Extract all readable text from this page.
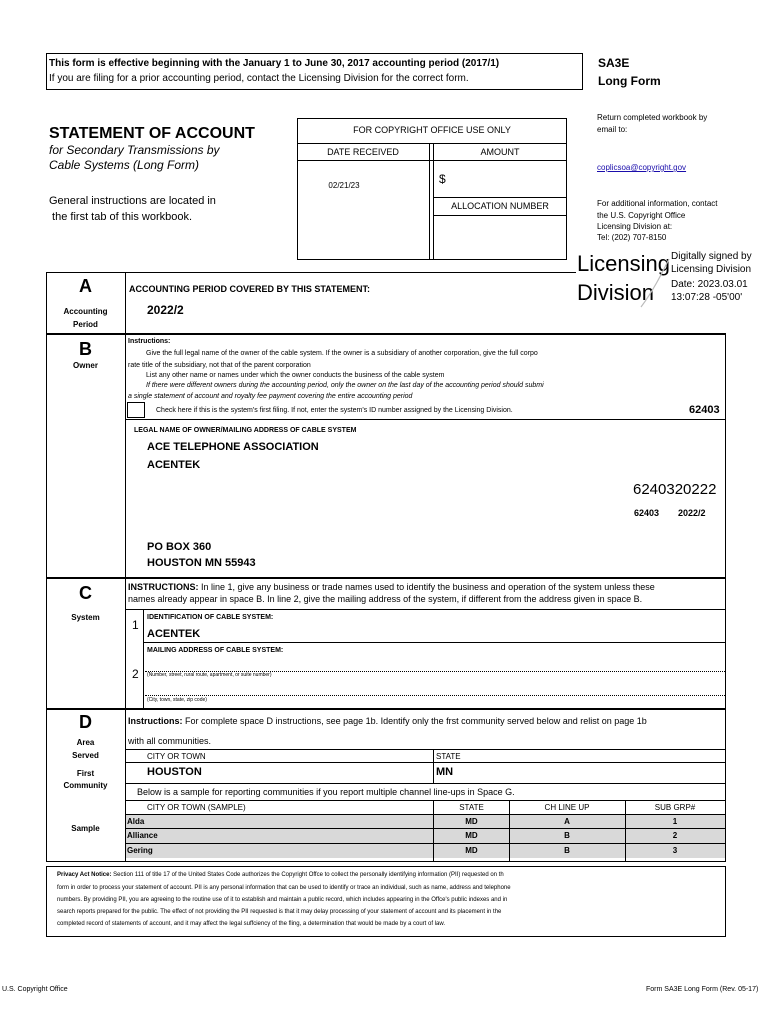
This form is effective beginning with the January 1 to June 30, 2017 accounting period (2017/1)
If you are filing for a prior accounting period, contact the Licensing Division for the correct form.
SA3E
Long Form
Return completed workbook by email to:
coplicsoa@copyright.gov
For additional information, contact the U.S. Copyright Office Licensing Division at:
Tel: (202) 707-8150
STATEMENT OF ACCOUNT
for Secondary Transmissions by
Cable Systems (Long Form)
General instructions are located in
the first tab of this workbook.
FOR COPYRIGHT OFFICE USE ONLY
DATE RECEIVED	AMOUNT
02/21/23	$
ALLOCATION NUMBER
Licensing
Division
Digitally signed by
Licensing Division
Date: 2023.03.01
13:07:28 -05'00'
A
Accounting
Period
ACCOUNTING PERIOD COVERED BY THIS STATEMENT:
2022/2
B
Owner
Instructions:
Give the full legal name of the owner of the cable system. If the owner is a subsidiary of another corporation, give the full corpo
rate title of the subsidiary, not that of the parent corporation
List any other name or names under which the owner conducts the business of the cable system
If there were different owners during the accounting period, only the owner on the last day of the accounting period should submi
a single statement of account and royalty fee payment covering the entire accounting period
Check here if this is the system's first filing. If not, enter the system's ID number assigned by the Licensing Division.	62403
LEGAL NAME OF OWNER/MAILING ADDRESS OF CABLE SYSTEM
ACE TELEPHONE ASSOCIATION
ACENTEK
6240320222
62403 2022/2
PO BOX 360
HOUSTON MN 55943
C
System
INSTRUCTIONS: In line 1, give any business or trade names used to identify the business and operation of the system unless these
names already appear in space B. In line 2, give the mailing address of the system, if different from the address given in space B.
1
IDENTIFICATION OF CABLE SYSTEM:
ACENTEK
MAILING ADDRESS OF CABLE SYSTEM:
2 (Number, street, rural route, apartment, or suite number)
(City, town, state, zip code)
D
Area
Served
First
Community
Sample
Instructions: For complete space D instructions, see page 1b. Identify only the frst community served below and relist on page 1b
with all communities.
CITY OR TOWN	STATE
HOUSTON	MN
Below is a sample for reporting communities if you report multiple channel line-ups in Space G.
CITY OR TOWN (SAMPLE)	STATE	CH LINE UP	SUB GRP#
Alda	MD	A	1
Alliance	MD	B	2
Gering	MD	B	3
Privacy Act Notice: Section 111 of title 17 of the United States Code authorizes the Copyright Offce to collect the personally identifying information (PII) requested on th
form in order to process your statement of account. PII is any personal information that can be used to identify or trace an individual, such as name, address and telephone
numbers. By providing PII, you are agreeing to the routine use of it to establish and maintain a public record, which includes appearing in the Offce's public indexes and in
search reports prepared for the public. The effect of not providing the PII requested is that it may delay processing of your statement of account and its placement in the
completed record of statements of account, and it may affect the legal suffciency of the fling, a determination that would be made by a court of law.
U.S. Copyright Office	Form SA3E Long Form (Rev. 05-17)
